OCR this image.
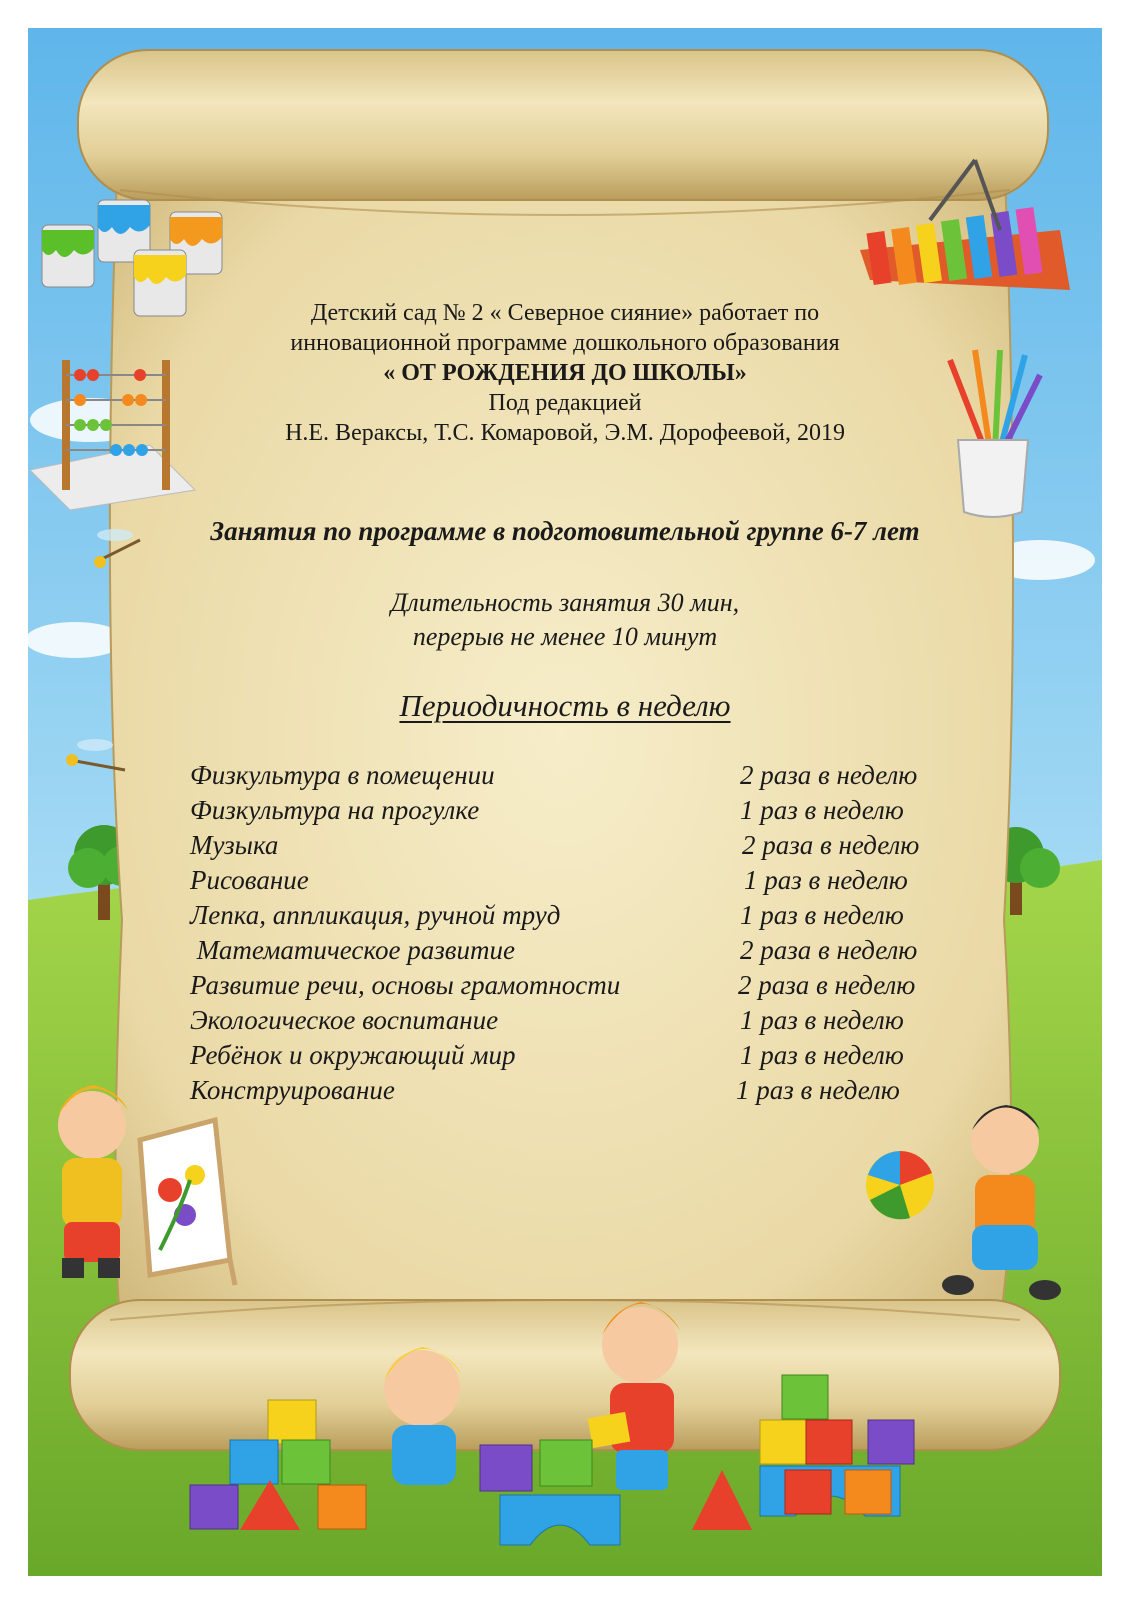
Детский сад № 2 « Северное сияние» работает по
инновационной программе дошкольного образования
« ОТ РОЖДЕНИЯ ДО ШКОЛЫ»
Под редакцией
Н.Е. Вераксы, Т.С. Комаровой, Э.М. Дорофеевой, 2019
Занятия по программе в подготовительной группе 6-7 лет
Длительность занятия 30 мин,
перерыв не менее 10 минут
Периодичность в неделю
Физкультура в помещении	2 раза в неделю
Физкультура на прогулке	1 раз в неделю
Музыка	2 раза в неделю
Рисование	1 раз в неделю
Лепка, аппликация, ручной труд	1 раз в неделю
Математическое развитие	2 раза в неделю
Развитие речи, основы грамотности	2 раза в неделю
Экологическое воспитание	1 раз в неделю
Ребёнок и окружающий мир	1 раз в неделю
Конструирование	1 раз в неделю
